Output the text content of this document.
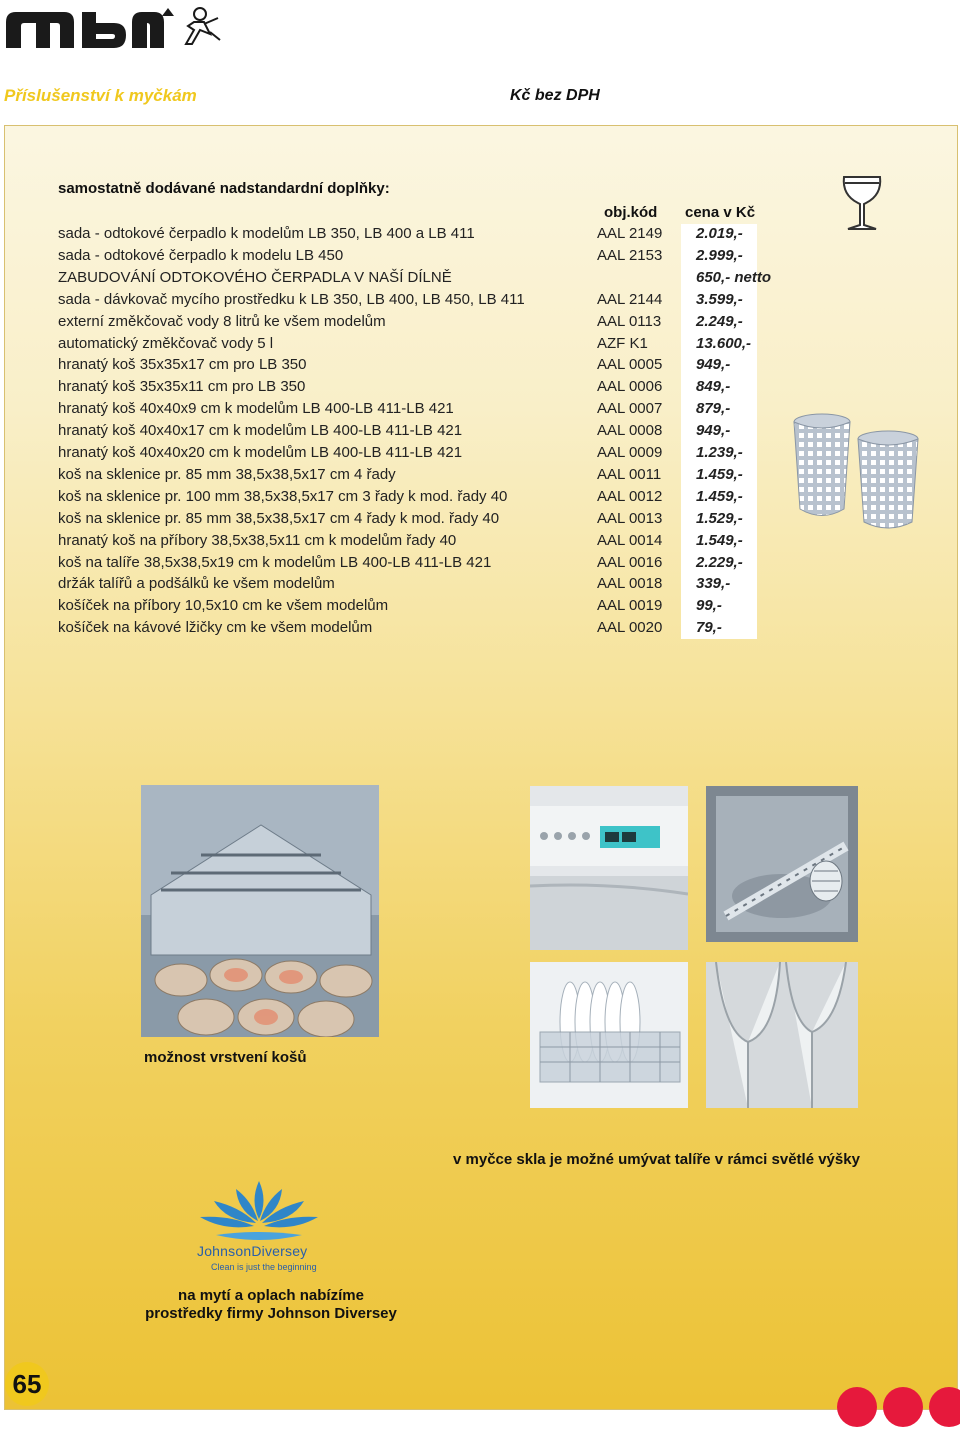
Příslušenství k myčkám	Kč bez DPH
samostatně dodávané nadstandardní doplňky:
obj.kód cena v Kč
sada - odtokové čerpadlo k modelům LB 350, LB 400 a LB 411	AAL 2149 2.019,-
sada - odtokové čerpadlo k modelu LB 450	AAL 2153 2.999,-
ZABUDOVÁNÍ ODTOKOVÉHO ČERPADLA V NAŠÍ DÍLNĚ	650,- netto
sada - dávkovač mycího prostředku k LB 350, LB 400, LB 450, LB 411	AAL 2144 3.599,-
externí změkčovač vody 8 litrů ke všem modelům	AAL 0113 2.249,-
automatický změkčovač vody 5 l	AZF K1	13.600,-
hranatý koš 35x35x17 cm pro LB 350	AAL 0005 949,-
hranatý koš 35x35x11 cm pro LB 350	AAL 0006 849,-
hranatý koš 40x40x9 cm k modelům LB 400-LB 411-LB 421	AAL 0007 879,-
hranatý koš 40x40x17 cm k modelům LB 400-LB 411-LB 421	AAL 0008 949,-
hranatý koš 40x40x20 cm k modelům LB 400-LB 411-LB 421	AAL 0009 1.239,-
koš na sklenice pr. 85 mm 38,5x38,5x17 cm 4 řady	AAL 0011 1.459,-
koš na sklenice pr. 100 mm 38,5x38,5x17 cm 3 řady k mod. řady 40	AAL 0012 1.459,-
koš na sklenice pr. 85 mm 38,5x38,5x17 cm 4 řady k mod. řady 40	AAL 0013 1.529,-
hranatý koš na příbory 38,5x38,5x11 cm k modelům řady 40	AAL 0014 1.549,-
koš na talíře 38,5x38,5x19 cm k modelům LB 400-LB 411-LB 421	AAL 0016 2.229,-
držák talířů a podšálků ke všem modelům	AAL 0018 339,-
košíček na příbory 10,5x10 cm ke všem modelům	AAL 0019 99,-
košíček na kávové lžičky cm ke všem modelům	AAL 0020 79,-
možnost vrstvení košů
v myčce skla je možné umývat talíře v rámci světlé výšky
JohnsonDiversey
Clean is just the beginning
na mytí a oplach nabízíme
prostředky firmy Johnson Diversey
65
